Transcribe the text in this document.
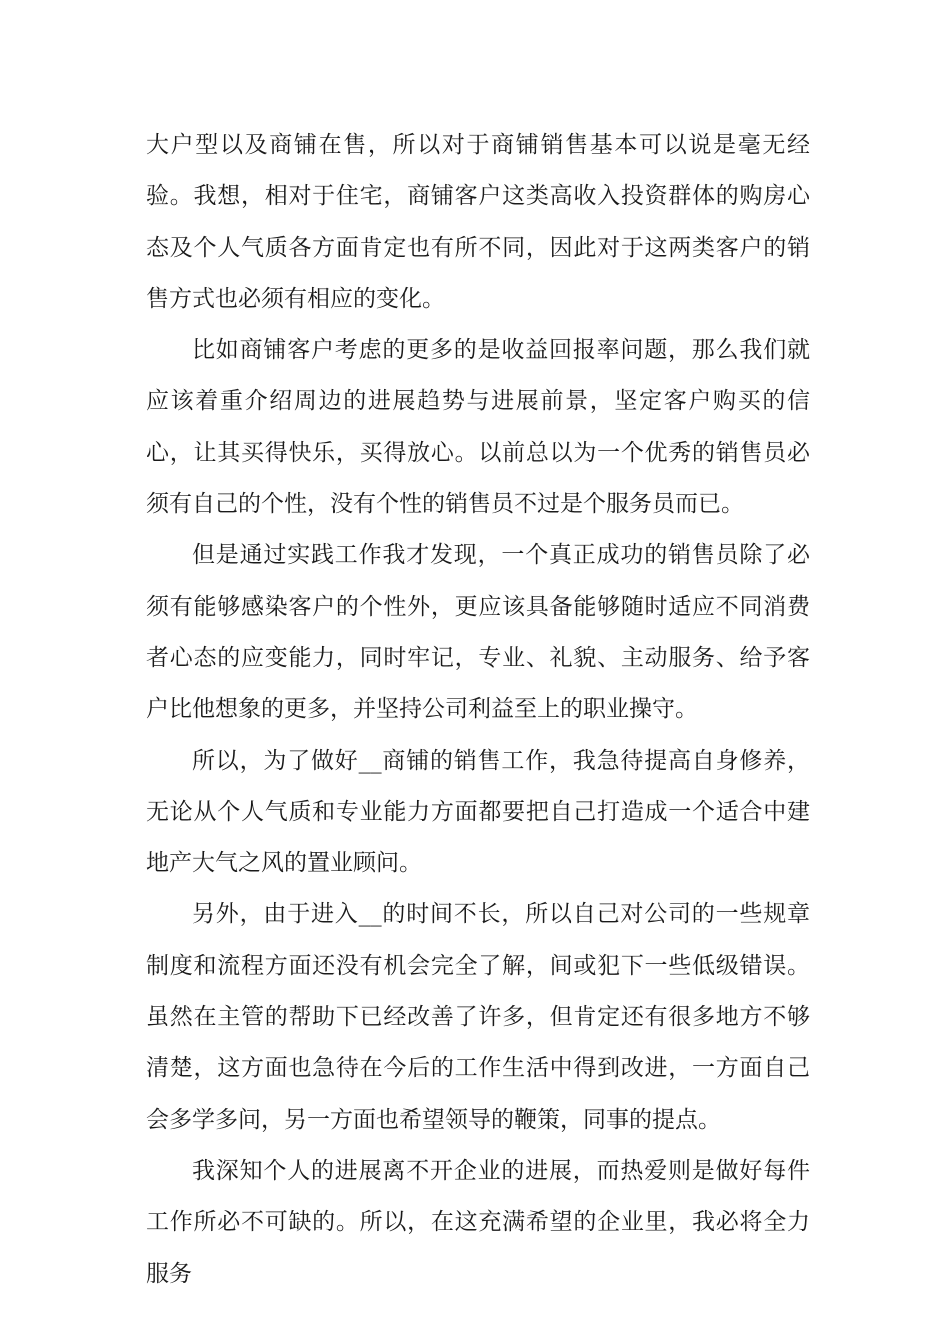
大户型以及商铺在售，所以对于商铺销售基本可以说是毫无经验。我想，相对于住宅，商铺客户这类高收入投资群体的购房心态及个人气质各方面肯定也有所不同，因此对于这两类客户的销售方式也必须有相应的变化。

比如商铺客户考虑的更多的是收益回报率问题，那么我们就应该着重介绍周边的进展趋势与进展前景，坚定客户购买的信心，让其买得快乐，买得放心。以前总以为一个优秀的销售员必须有自己的个性，没有个性的销售员不过是个服务员而已。

但是通过实践工作我才发现，一个真正成功的销售员除了必须有能够感染客户的个性外，更应该具备能够随时适应不同消费者心态的应变能力，同时牢记，专业、礼貌、主动服务、给予客户比他想象的更多，并坚持公司利益至上的职业操守。

所以，为了做好__商铺的销售工作，我急待提高自身修养，无论从个人气质和专业能力方面都要把自己打造成一个适合中建地产大气之风的置业顾问。

另外，由于进入__的时间不长，所以自己对公司的一些规章制度和流程方面还没有机会完全了解，间或犯下一些低级错误。虽然在主管的帮助下已经改善了许多，但肯定还有很多地方不够清楚，这方面也急待在今后的工作生活中得到改进，一方面自己会多学多问，另一方面也希望领导的鞭策，同事的提点。

我深知个人的进展离不开企业的进展，而热爱则是做好每件工作所必不可缺的。所以，在这充满希望的企业里，我必将全力服务
